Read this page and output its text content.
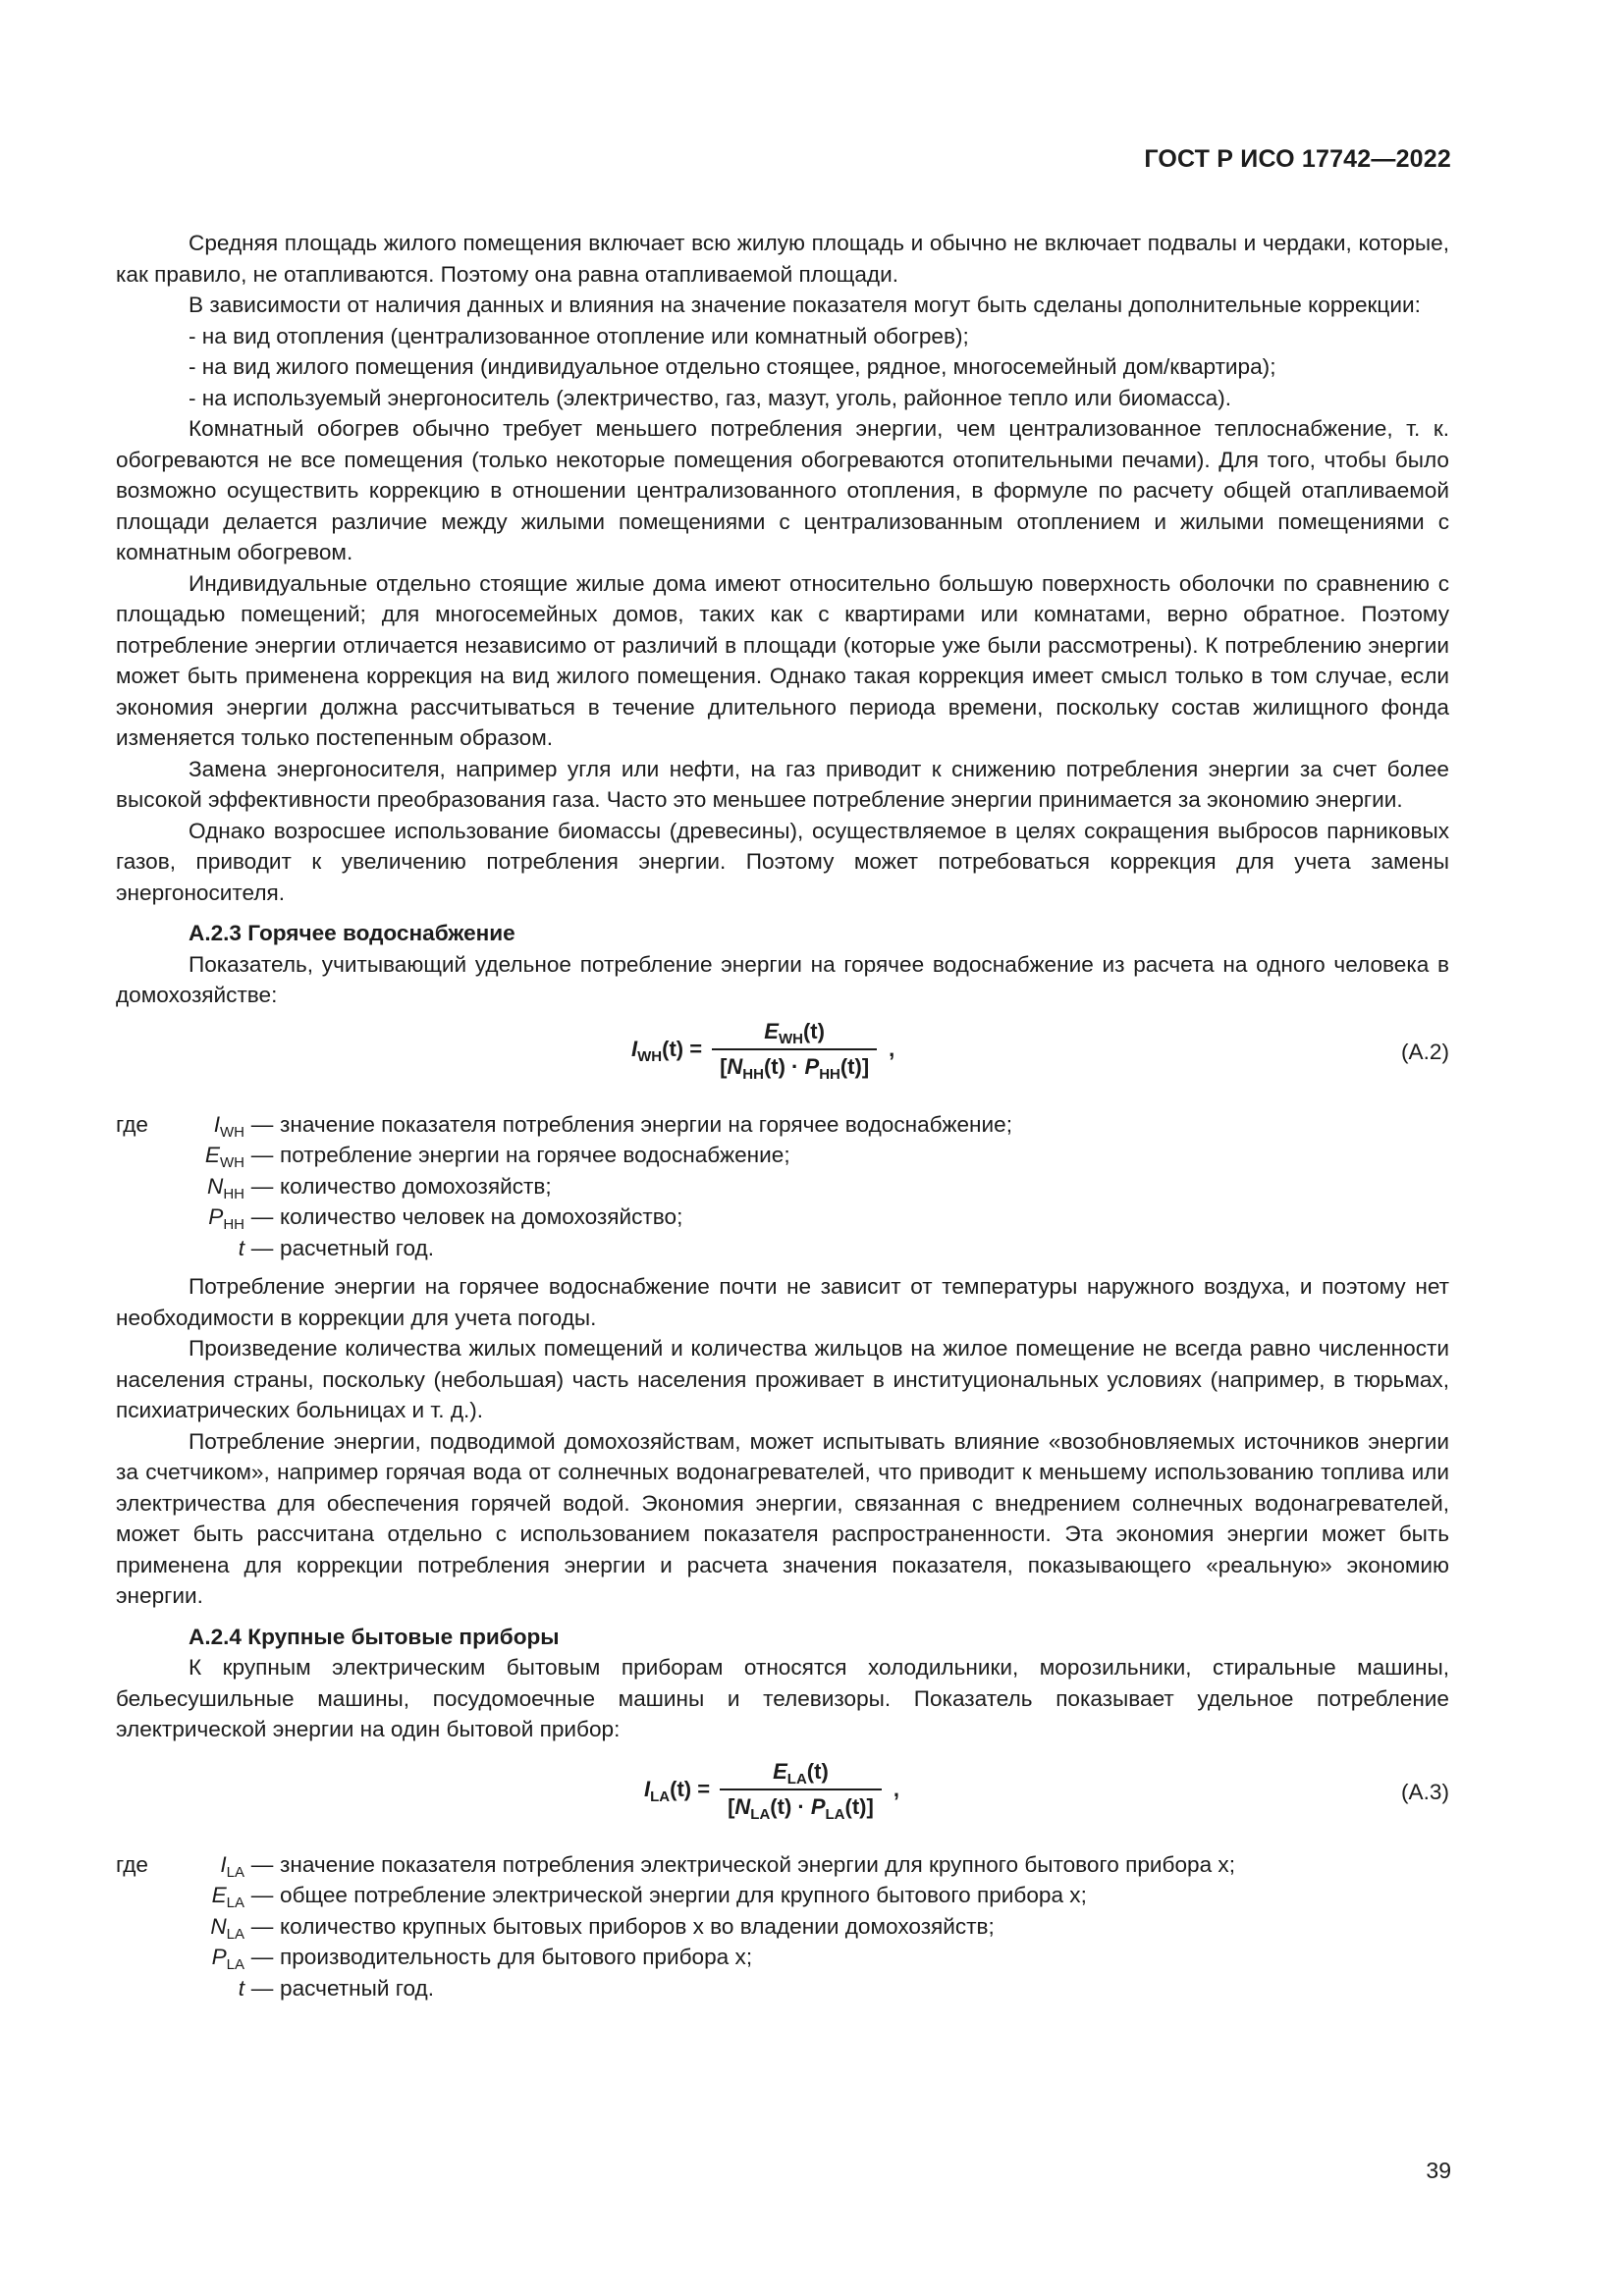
ГОСТ Р ИСО 17742—2022

Средняя площадь жилого помещения включает всю жилую площадь и обычно не включает подвалы и чердаки, которые, как правило, не отапливаются. Поэтому она равна отапливаемой площади.

В зависимости от наличия данных и влияния на значение показателя могут быть сделаны дополнительные коррекции:

- на вид отопления (централизованное отопление или комнатный обогрев);

- на вид жилого помещения (индивидуальное отдельно стоящее, рядное, многосемейный дом/квартира);

- на используемый энергоноситель (электричество, газ, мазут, уголь, районное тепло или биомасса).

Комнатный обогрев обычно требует меньшего потребления энергии, чем централизованное теплоснабжение, т. к. обогреваются не все помещения (только некоторые помещения обогреваются отопительными печами). Для того, чтобы было возможно осуществить коррекцию в отношении централизованного отопления, в формуле по расчету общей отапливаемой площади делается различие между жилыми помещениями с централизованным отоплением и жилыми помещениями с комнатным обогревом.

Индивидуальные отдельно стоящие жилые дома имеют относительно большую поверхность оболочки по сравнению с площадью помещений; для многосемейных домов, таких как с квартирами или комнатами, верно обратное. Поэтому потребление энергии отличается независимо от различий в площади (которые уже были рассмотрены). К потреблению энергии может быть применена коррекция на вид жилого помещения. Однако такая коррекция имеет смысл только в том случае, если экономия энергии должна рассчитываться в течение длительного периода времени, поскольку состав жилищного фонда изменяется только постепенным образом.

Замена энергоносителя, например угля или нефти, на газ приводит к снижению потребления энергии за счет более высокой эффективности преобразования газа. Часто это меньшее потребление энергии принимается за экономию энергии.

Однако возросшее использование биомассы (древесины), осуществляемое в целях сокращения выбросов парниковых газов, приводит к увеличению потребления энергии. Поэтому может потребоваться коррекция для учета замены энергоносителя.

А.2.3 Горячее водоснабжение

Показатель, учитывающий удельное потребление энергии на горячее водоснабжение из расчета на одного человека в домохозяйстве:

$I_{WH}(t) = \frac{E_{WH}(t)}{[N_{HH}(t) \cdot P_{HH}(t)]}$ ,	(А.2)
где	$I_{WH}$ — значение показателя потребления энергии на горячее водоснабжение;
$E_{WH}$ — потребление энергии на горячее водоснабжение;
$N_{HH}$ — количество домохозяйств;
$P_{HH}$ — количество человек на домохозяйство;
t — расчетный год.

Потребление энергии на горячее водоснабжение почти не зависит от температуры наружного воздуха, и поэтому нет необходимости в коррекции для учета погоды.

Произведение количества жилых помещений и количества жильцов на жилое помещение не всегда равно численности населения страны, поскольку (небольшая) часть населения проживает в институциональных условиях (например, в тюрьмах, психиатрических больницах и т. д.).

Потребление энергии, подводимой домохозяйствам, может испытывать влияние «возобновляемых источников энергии за счетчиком», например горячая вода от солнечных водонагревателей, что приводит к меньшему использованию топлива или электричества для обеспечения горячей водой. Экономия энергии, связанная с внедрением солнечных водонагревателей, может быть рассчитана отдельно с использованием показателя распространенности. Эта экономия энергии может быть применена для коррекции потребления энергии и расчета значения показателя, показывающего «реальную» экономию энергии.

А.2.4 Крупные бытовые приборы

К крупным электрическим бытовым приборам относятся холодильники, морозильники, стиральные машины, бельесушильные машины, посудомоечные машины и телевизоры. Показатель показывает удельное потребление электрической энергии на один бытовой прибор:

$I_{LA}(t) = \frac{E_{LA}(t)}{[N_{LA}(t) \cdot P_{LA}(t)]}$ ,	(А.3)
где	$I_{LA}$ — значение показателя потребления электрической энергии для крупного бытового прибора x;
$E_{LA}$ — общее потребление электрической энергии для крупного бытового прибора x;
$N_{LA}$ — количество крупных бытовых приборов x во владении домохозяйств;
$P_{LA}$ — производительность для бытового прибора x;
t — расчетный год.
39
